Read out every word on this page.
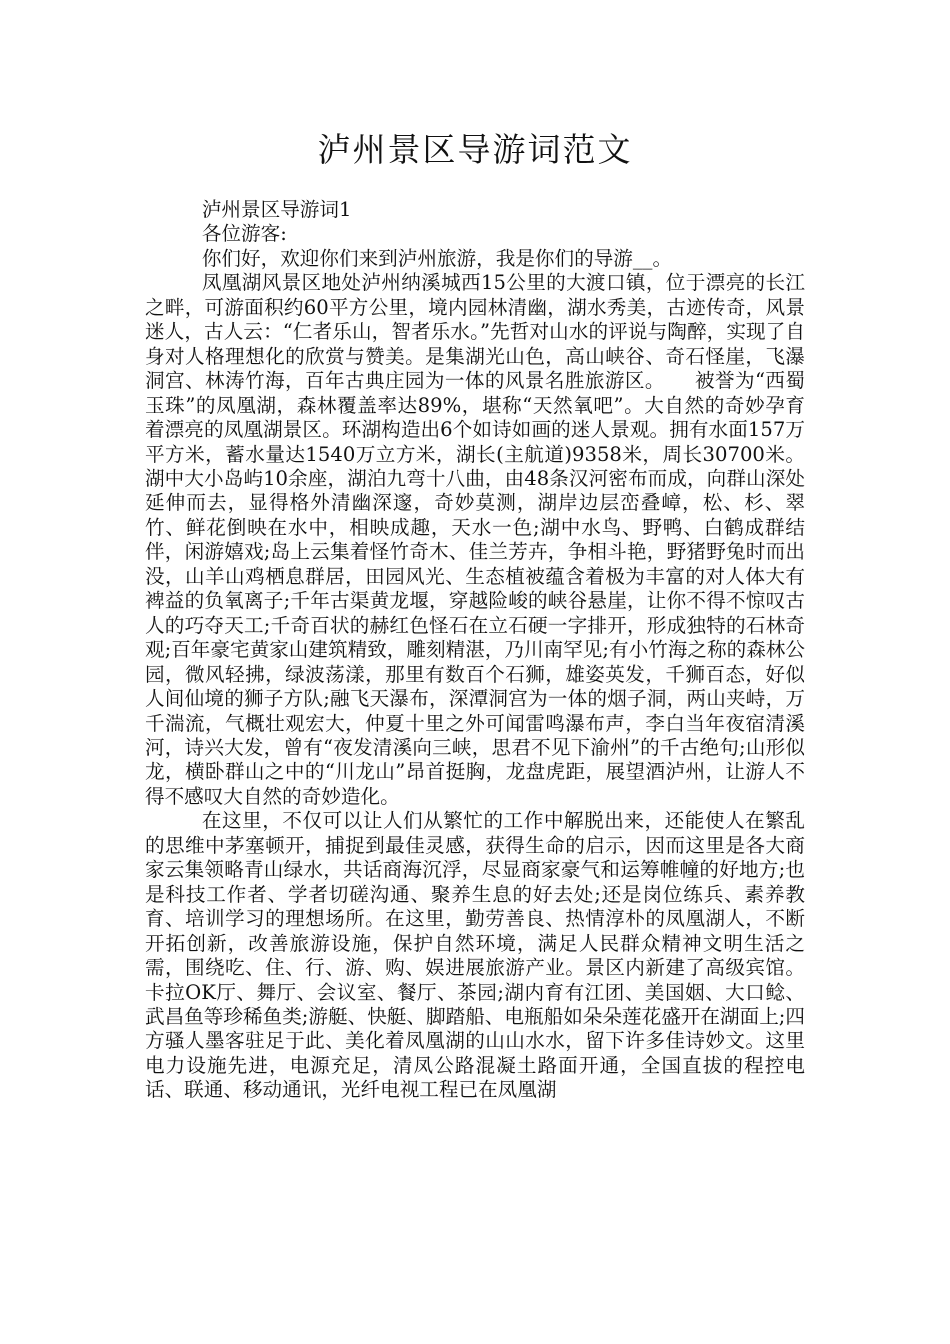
泸州景区导游词范文

泸州景区导游词1

各位游客:

你们好，欢迎你们来到泸州旅游，我是你们的导游__。

凤凰湖风景区地处泸州纳溪城西15公里的大渡口镇，位于漂亮的长江之畔，可游面积约60平方公里，境内园林清幽，湖水秀美，古迹传奇，风景迷人，古人云：“仁者乐山，智者乐水。”先哲对山水的评说与陶醉，实现了自身对人格理想化的欣赏与赞美。是集湖光山色，高山峡谷、奇石怪崖，飞瀑洞宫、林涛竹海，百年古典庄园为一体的风景名胜旅游区。　　被誉为“西蜀玉珠”的凤凰湖，森林覆盖率达89%，堪称“天然氧吧”。大自然的奇妙孕育着漂亮的凤凰湖景区。环湖构造出6个如诗如画的迷人景观。拥有水面157万平方米，蓄水量达1540万立方米，湖长(主航道)9358米，周长30700米。湖中大小岛屿10余座，湖泊九弯十八曲，由48条汉河密布而成，向群山深处延伸而去，显得格外清幽深邃，奇妙莫测，湖岸边层峦叠嶂，松、杉、翠竹、鲜花倒映在水中，相映成趣，天水一色;湖中水鸟、野鸭、白鹤成群结伴，闲游嬉戏;岛上云集着怪竹奇木、佳兰芳卉，争相斗艳，野猪野兔时而出没，山羊山鸡栖息群居，田园风光、生态植被蕴含着极为丰富的对人体大有裨益的负氧离子;千年古渠黄龙堰，穿越险峻的峡谷悬崖，让你不得不惊叹古人的巧夺天工;千奇百状的赫红色怪石在立石硬一字排开，形成独特的石林奇观;百年豪宅黄家山建筑精致，雕刻精湛，乃川南罕见;有小竹海之称的森林公园，微风轻拂，绿波荡漾，那里有数百个石狮，雄姿英发，千狮百态，好似人间仙境的狮子方队;融飞天瀑布，深潭洞宫为一体的烟子洞，两山夹峙，万千湍流，气概壮观宏大，仲夏十里之外可闻雷鸣瀑布声，李白当年夜宿清溪河，诗兴大发，曾有“夜发清溪向三峡，思君不见下渝州”的千古绝句;山形似龙，横卧群山之中的“川龙山”昂首挺胸，龙盘虎距，展望酒泸州，让游人不得不感叹大自然的奇妙造化。

在这里，不仅可以让人们从繁忙的工作中解脱出来，还能使人在繁乱的思维中茅塞顿开，捕捉到最佳灵感，获得生命的启示，因而这里是各大商家云集领略青山绿水，共话商海沉浮，尽显商家豪气和运筹帷幢的好地方;也是科技工作者、学者切磋沟通、聚养生息的好去处;还是岗位练兵、素养教育、培训学习的理想场所。在这里，勤劳善良、热情淳朴的凤凰湖人，不断开拓创新，改善旅游设施，保护自然环境，满足人民群众精神文明生活之需，围绕吃、住、行、游、购、娱进展旅游产业。景区内新建了高级宾馆。卡拉OK厅、舞厅、会议室、餐厅、茶园;湖内育有江团、美国姻、大口鲶、武昌鱼等珍稀鱼类;游艇、快艇、脚踏船、电瓶船如朵朵莲花盛开在湖面上;四方骚人墨客驻足于此、美化着凤凰湖的山山水水，留下许多佳诗妙文。这里电力设施先进，电源充足，清凤公路混凝土路面开通，全国直拔的程控电话、联通、移动通讯，光纤电视工程已在凤凰湖
